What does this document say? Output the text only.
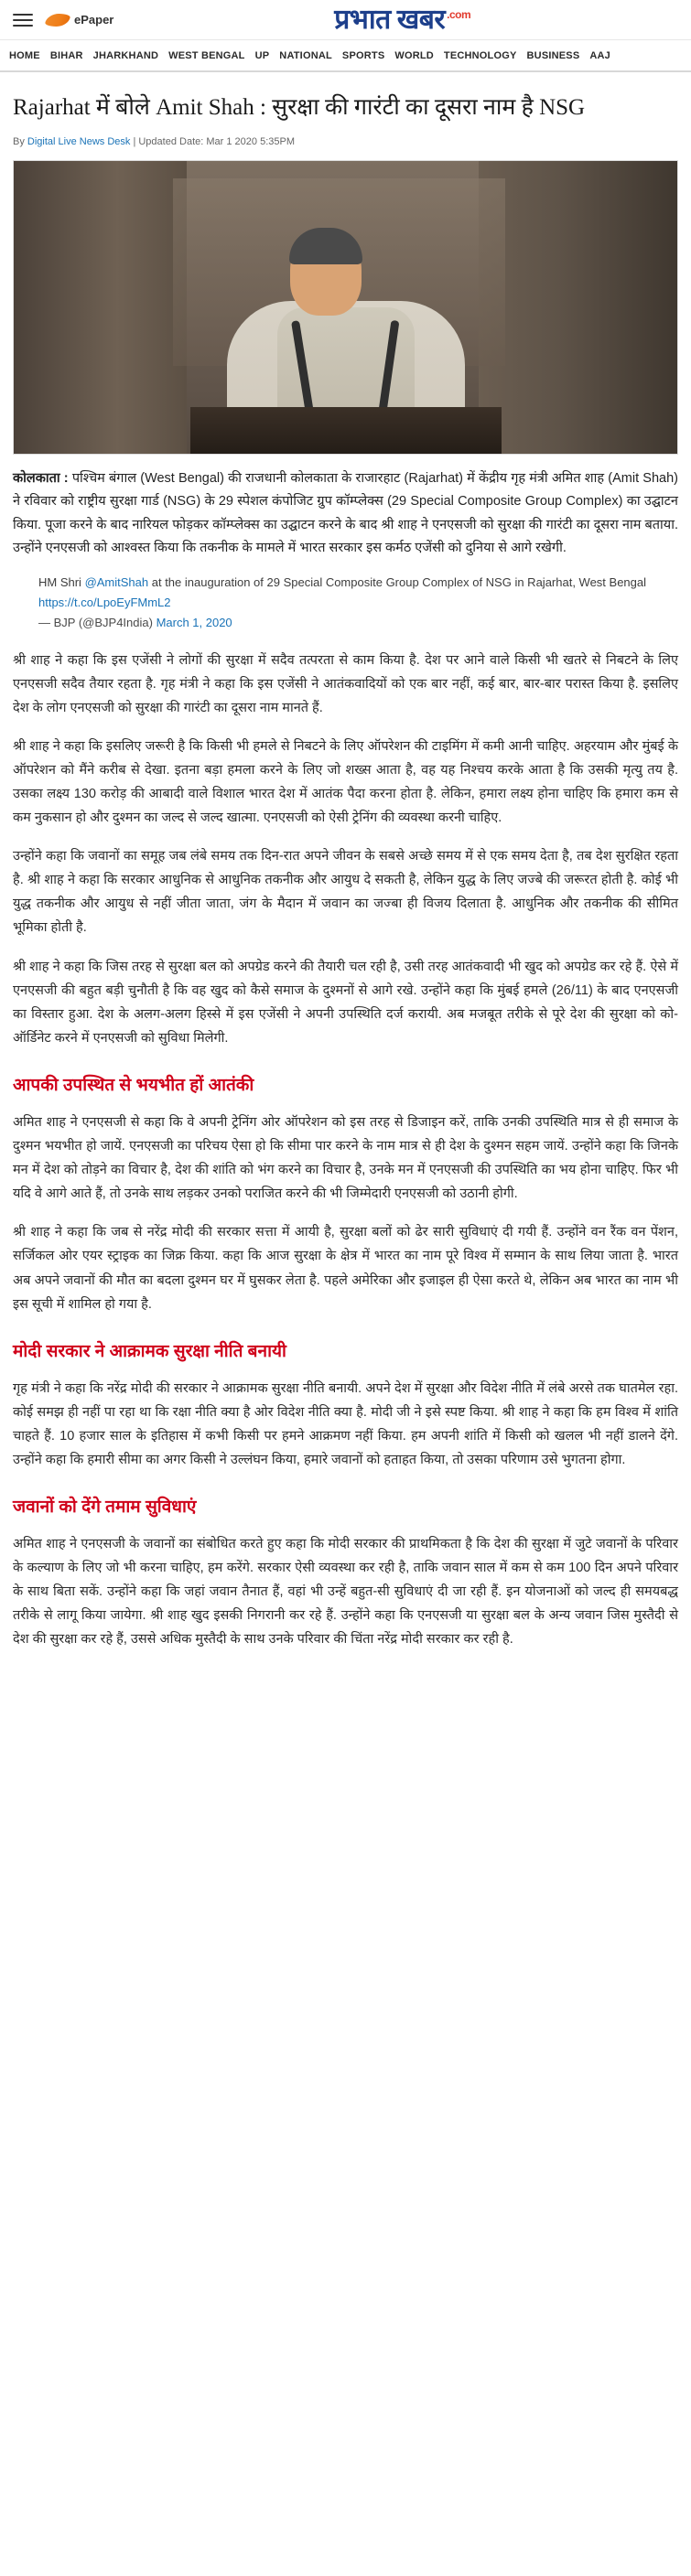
ePaper	प्रभात खबर $^{.com}$
HOME BIHAR JHARKHAND WEST BENGAL UP NATIONAL SPORTS WORLD TECHNOLOGY BUSINESS AAJ
Rajarhat में बोले Amit Shah : सुरक्षा की गारंटी का दूसरा नाम है NSG
By Digital Live News Desk | Updated Date: Mar 1 2020 5:35PM

कोलकाता : पश्चिम बंगाल (West Bengal) की राजधानी कोलकाता के राजारहाट (Rajarhat) में केंद्रीय गृह मंत्री अमित शाह (Amit Shah) ने रविवार को राष्ट्रीय सुरक्षा गार्ड (NSG) के 29 स्पेशल कंपोजिट ग्रुप कॉम्प्लेक्स (29 Special Composite Group Complex) का उद्घाटन किया. पूजा करने के बाद नारियल फोड़कर कॉम्प्लेक्स का उद्घाटन करने के बाद श्री शाह ने एनएसजी को सुरक्षा की गारंटी का दूसरा नाम बताया. उन्होंने एनएसजी को आश्वस्त किया कि तकनीक के मामले में भारत सरकार इस कर्मठ एजेंसी को दुनिया से आगे रखेगी.

HM Shri @AmitShah at the inauguration of 29 Special Composite Group Complex of NSG in Rajarhat, West Bengal https://t.co/LpoEyFMmL2
— BJP (@BJP4India) March 1, 2020

श्री शाह ने कहा कि इस एजेंसी ने लोगों की सुरक्षा में सदैव तत्परता से काम किया है. देश पर आने वाले किसी भी खतरे से निबटने के लिए एनएसजी सदैव तैयार रहता है. गृह मंत्री ने कहा कि इस एजेंसी ने आतंकवादियों को एक बार नहीं, कई बार, बार-बार परास्त किया है. इसलिए देश के लोग एनएसजी को सुरक्षा की गारंटी का दूसरा नाम मानते हैं.

श्री शाह ने कहा कि इसलिए जरूरी है कि किसी भी हमले से निबटने के लिए ऑपरेशन की टाइमिंग में कमी आनी चाहिए. अहरयाम और मुंबई के ऑपरेशन को मैंने करीब से देखा. इतना बड़ा हमला करने के लिए जो शख्स आता है, वह यह निश्चय करके आता है कि उसकी मृत्यु तय है. उसका लक्ष्य 130 करोड़ की आबादी वाले विशाल भारत देश में आतंक पैदा करना होता है. लेकिन, हमारा लक्ष्य होना चाहिए कि हमारा कम से कम नुकसान हो और दुश्मन का जल्द से जल्द खात्मा. एनएसजी को ऐसी ट्रेनिंग की व्यवस्था करनी चाहिए.

उन्होंने कहा कि जवानों का समूह जब लंबे समय तक दिन-रात अपने जीवन के सबसे अच्छे समय में से एक समय देता है, तब देश सुरक्षित रहता है. श्री शाह ने कहा कि सरकार आधुनिक से आधुनिक तकनीक और आयुध दे सकती है, लेकिन युद्ध के लिए जज्बे की जरूरत होती है. कोई भी युद्ध तकनीक और आयुध से नहीं जीता जाता, जंग के मैदान में जवान का जज्बा ही विजय दिलाता है. आधुनिक और तकनीक की सीमित भूमिका होती है.

श्री शाह ने कहा कि जिस तरह से सुरक्षा बल को अपग्रेड करने की तैयारी चल रही है, उसी तरह आतंकवादी भी खुद को अपग्रेड कर रहे हैं. ऐसे में एनएसजी की बहुत बड़ी चुनौती है कि वह खुद को कैसे समाज के दुश्मनों से आगे रखे. उन्होंने कहा कि मुंबई हमले (26/11) के बाद एनएसजी का विस्तार हुआ. देश के अलग-अलग हिस्से में इस एजेंसी ने अपनी उपस्थिति दर्ज करायी. अब मजबूत तरीके से पूरे देश की सुरक्षा को को-ऑर्डिनेट करने में एनएसजी को सुविधा मिलेगी.

आपकी उपस्थित से भयभीत हों आतंकी

अमित शाह ने एनएसजी से कहा कि वे अपनी ट्रेनिंग ओर ऑपरेशन को इस तरह से डिजाइन करें, ताकि उनकी उपस्थिति मात्र से ही समाज के दुश्मन भयभीत हो जायें. एनएसजी का परिचय ऐसा हो कि सीमा पार करने के नाम मात्र से ही देश के दुश्मन सहम जायें. उन्होंने कहा कि जिनके मन में देश को तोड़ने का विचार है, देश की शांति को भंग करने का विचार है, उनके मन में एनएसजी की उपस्थिति का भय होना चाहिए. फिर भी यदि वे आगे आते हैं, तो उनके साथ लड़कर उनको पराजित करने की भी जिम्मेदारी एनएसजी को उठानी होगी.

श्री शाह ने कहा कि जब से नरेंद्र मोदी की सरकार सत्ता में आयी है, सुरक्षा बलों को ढेर सारी सुविधाएं दी गयी हैं. उन्होंने वन रैंक वन पेंशन, सर्जिकल ओर एयर स्ट्राइक का जिक्र किया. कहा कि आज सुरक्षा के क्षेत्र में भारत का नाम पूरे विश्व में सम्मान के साथ लिया जाता है. भारत अब अपने जवानों की मौत का बदला दुश्मन घर में घुसकर लेता है. पहले अमेरिका और इजाइल ही ऐसा करते थे, लेकिन अब भारत का नाम भी इस सूची में शामिल हो गया है.

मोदी सरकार ने आक्रामक सुरक्षा नीति बनायी

गृह मंत्री ने कहा कि नरेंद्र मोदी की सरकार ने आक्रामक सुरक्षा नीति बनायी. अपने देश में सुरक्षा और विदेश नीति में लंबे अरसे तक घातमेल रहा. कोई समझ ही नहीं पा रहा था कि रक्षा नीति क्या है ओर विदेश नीति क्या है. मोदी जी ने इसे स्पष्ट किया. श्री शाह ने कहा कि हम विश्व में शांति चाहते हैं. 10 हजार साल के इतिहास में कभी किसी पर हमने आक्रमण नहीं किया. हम अपनी शांति में किसी को खलल भी नहीं डालने देंगे. उन्होंने कहा कि हमारी सीमा का अगर किसी ने उल्लंघन किया, हमारे जवानों को हताहत किया, तो उसका परिणाम उसे भुगतना होगा.

जवानों को देंगे तमाम सुविधाएं

अमित शाह ने एनएसजी के जवानों का संबोधित करते हुए कहा कि मोदी सरकार की प्राथमिकता है कि देश की सुरक्षा में जुटे जवानों के परिवार के कल्याण के लिए जो भी करना चाहिए, हम करेंगे. सरकार ऐसी व्यवस्था कर रही है, ताकि जवान साल में कम से कम 100 दिन अपने परिवार के साथ बिता सकें. उन्होंने कहा कि जहां जवान तैनात हैं, वहां भी उन्हें बहुत-सी सुविधाएं दी जा रही हैं. इन योजनाओं को जल्द ही समयबद्ध तरीके से लागू किया जायेगा. श्री शाह खुद इसकी निगरानी कर रहे हैं. उन्होंने कहा कि एनएसजी या सुरक्षा बल के अन्य जवान जिस मुस्तैदी से देश की सुरक्षा कर रहे हैं, उससे अधिक मुस्तैदी के साथ उनके परिवार की चिंता नरेंद्र मोदी सरकार कर रही है.
